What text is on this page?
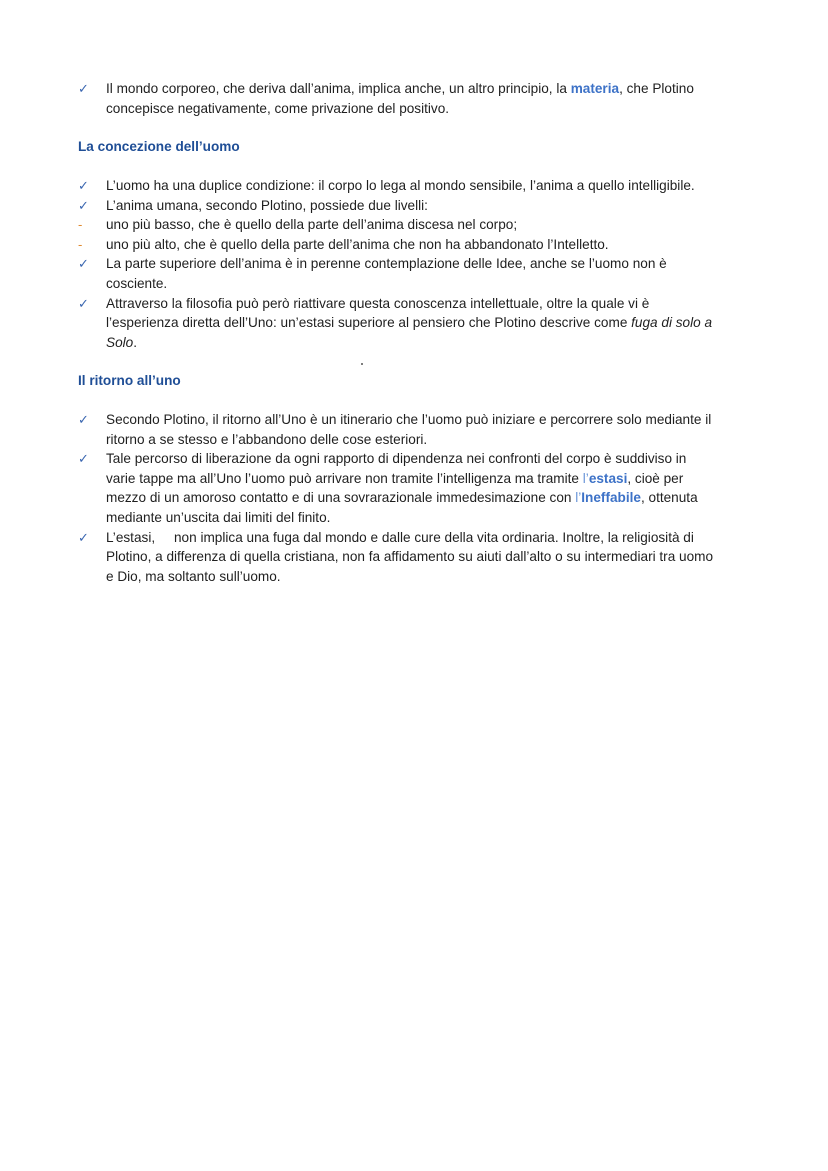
✓	Il mondo corporeo, che deriva dall’anima, implica anche, un altro principio, la materia, che Plotino
concepisce negativamente, come privazione del positivo.
La concezione dell’uomo
✓	L’uomo ha una duplice condizione: il corpo lo lega al mondo sensibile, l’anima a quello intelligibile.
✓	L’anima umana, secondo Plotino, possiede due livelli:
-	uno più basso, che è quello della parte dell’anima discesa nel corpo;
-	uno più alto, che è quello della parte dell’anima che non ha abbandonato l’Intelletto.
✓	La parte superiore dell’anima è in perenne contemplazione delle Idee, anche se l’uomo non è
cosciente.
✓	Attraverso la filosofia può però riattivare questa conoscenza intellettuale, oltre la quale vi è
l’esperienza diretta dell’Uno: un’estasi superiore al pensiero che Plotino descrive come fuga di solo a
Solo.
Il ritorno all’uno
✓	Secondo Plotino, il ritorno all’Uno è un itinerario che l’uomo può iniziare e percorrere solo mediante il
ritorno a se stesso e l’abbandono delle cose esteriori.
✓	Tale percorso di liberazione da ogni rapporto di dipendenza nei confronti del corpo è suddiviso in
varie tappe ma all’Uno l’uomo può arrivare non tramite l’intelligenza ma tramite l’estasi, cioè per
mezzo di un amoroso contatto e di una sovrarazionale immedesimazione con l’Ineffabile, ottenuta
mediante un’uscita dai limiti del finito.
✓	L’estasi,     non implica una fuga dal mondo e dalle cure della vita ordinaria. Inoltre, la religiosità di
Plotino, a differenza di quella cristiana, non fa affidamento su aiuti dall’alto o su intermediari tra uomo
e Dio, ma soltanto sull’uomo.
